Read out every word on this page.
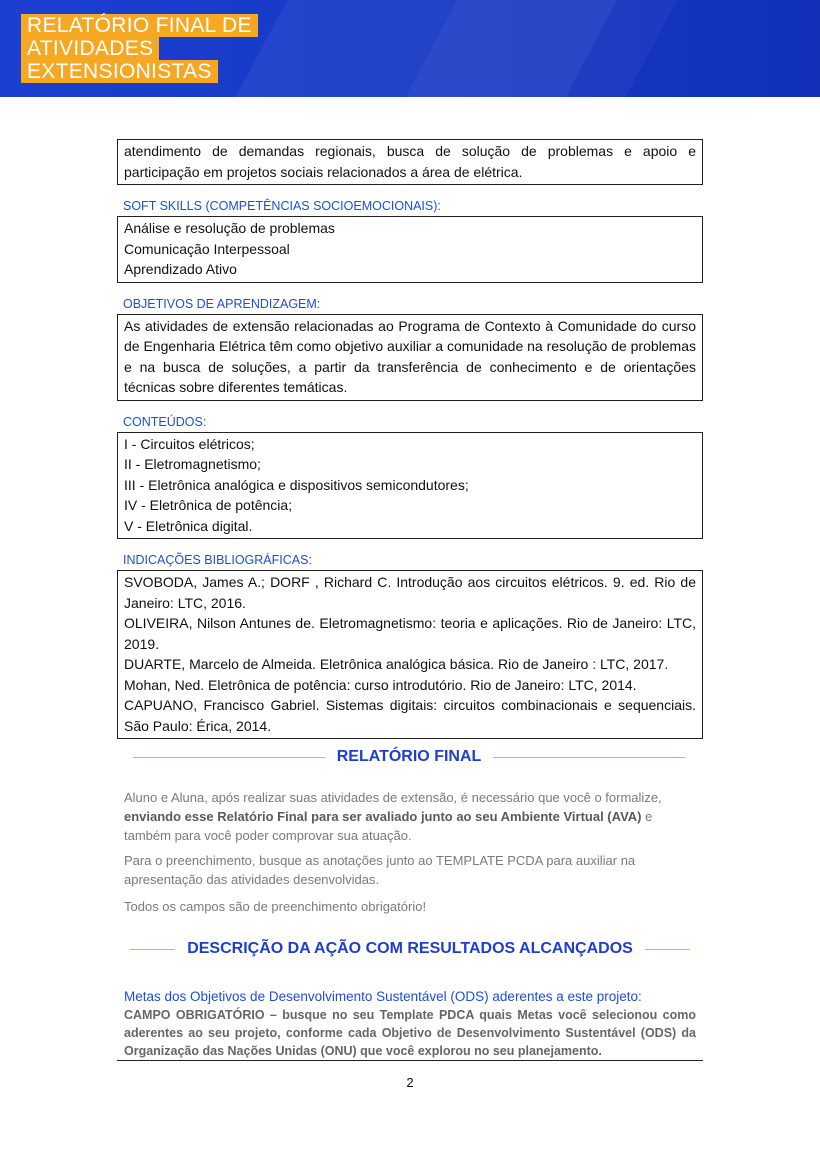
RELATÓRIO FINAL DE
ATIVIDADES
EXTENSIONISTAS
atendimento de demandas regionais, busca de solução de problemas e apoio e participação em projetos sociais relacionados a área de elétrica.
SOFT SKILLS (COMPETÊNCIAS SOCIOEMOCIONAIS):
Análise e resolução de problemas
Comunicação Interpessoal
Aprendizado Ativo
OBJETIVOS DE APRENDIZAGEM:
As atividades de extensão relacionadas ao Programa de Contexto à Comunidade do curso de Engenharia Elétrica têm como objetivo auxiliar a comunidade na resolução de problemas e na busca de soluções, a partir da transferência de conhecimento e de orientações técnicas sobre diferentes temáticas.
CONTEÚDOS:
I - Circuitos elétricos;
II - Eletromagnetismo;
III - Eletrônica analógica e dispositivos semicondutores;
IV - Eletrônica de potência;
V - Eletrônica digital.
INDICAÇÕES BIBLIOGRÁFICAS:
SVOBODA, James A.; DORF , Richard C. Introdução aos circuitos elétricos. 9. ed. Rio de Janeiro: LTC, 2016.
OLIVEIRA, Nilson Antunes de. Eletromagnetismo: teoria e aplicações. Rio de Janeiro: LTC, 2019.
DUARTE, Marcelo de Almeida. Eletrônica analógica básica. Rio de Janeiro : LTC, 2017.
Mohan, Ned. Eletrônica de potência: curso introdutório. Rio de Janeiro: LTC, 2014.
CAPUANO, Francisco Gabriel. Sistemas digitais: circuitos combinacionais e sequenciais. São Paulo: Érica, 2014.
RELATÓRIO FINAL
Aluno e Aluna, após realizar suas atividades de extensão, é necessário que você o formalize, enviando esse Relatório Final para ser avaliado junto ao seu Ambiente Virtual (AVA) e também para você poder comprovar sua atuação.
Para o preenchimento, busque as anotações junto ao TEMPLATE PCDA para auxiliar na apresentação das atividades desenvolvidas.
Todos os campos são de preenchimento obrigatório!
DESCRIÇÃO DA AÇÃO COM RESULTADOS ALCANÇADOS
Metas dos Objetivos de Desenvolvimento Sustentável (ODS) aderentes a este projeto:
CAMPO OBRIGATÓRIO – busque no seu Template PDCA quais Metas você selecionou como aderentes ao seu projeto, conforme cada Objetivo de Desenvolvimento Sustentável (ODS) da Organização das Nações Unidas (ONU) que você explorou no seu planejamento.
2
